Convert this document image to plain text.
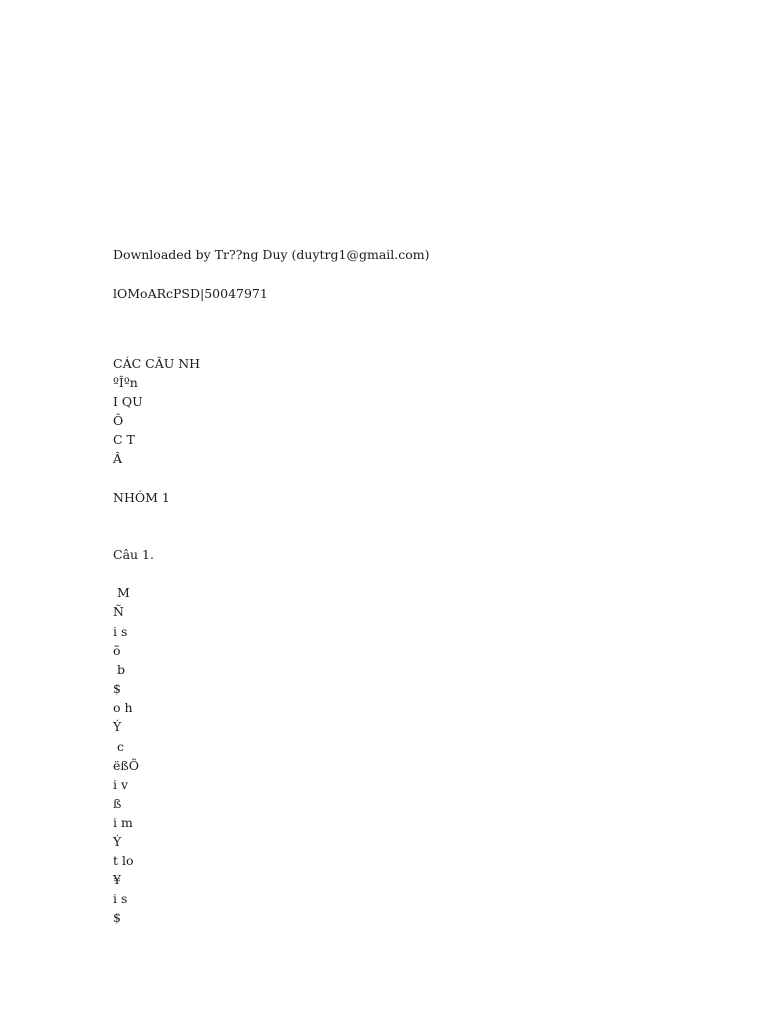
Downloaded by Tr??ng Duy (duytrg1@gmail.com)

lOMoARcPSD|50047971

CÁC CÂU NH

ºÎºn

I QU

Ô

C T

Â

NHÓM 1

Câu 1.

M

Ñ

i s

õ

b

$

o h

Ý

c

ëßÕ

i v

ß

i m

Ý

t lo

¥

i s

$
